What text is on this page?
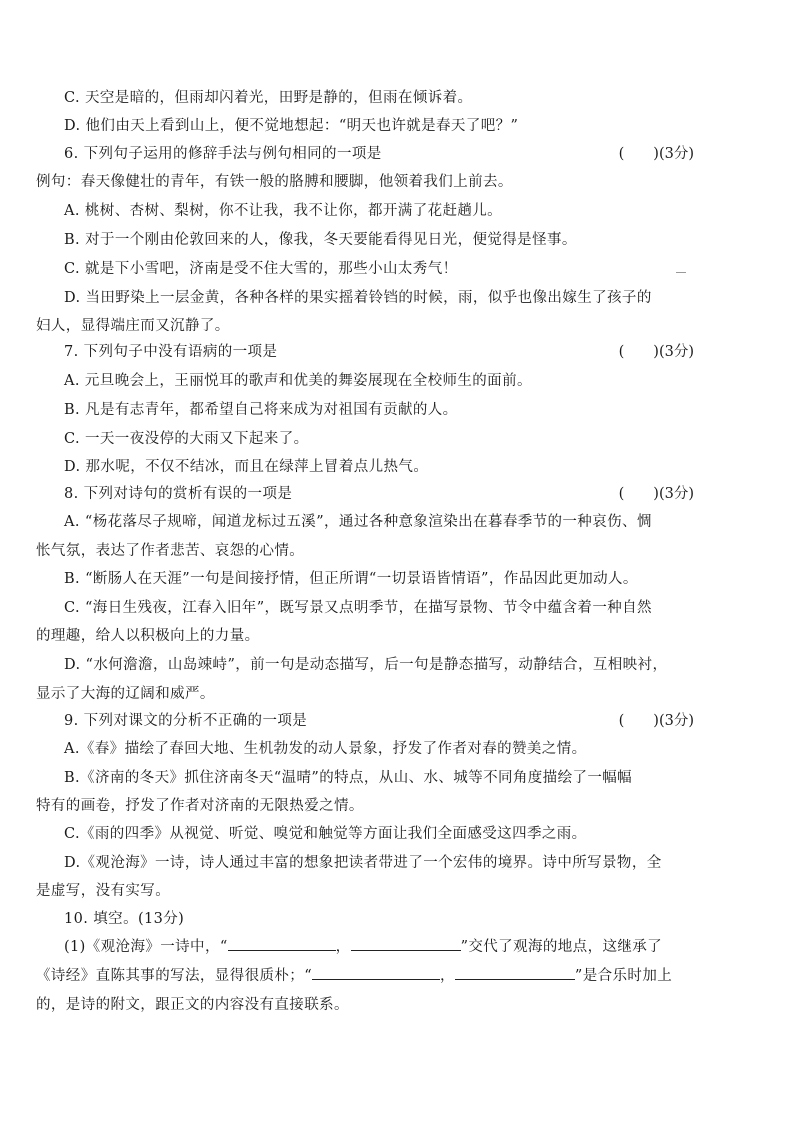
C. 天空是暗的，但雨却闪着光，田野是静的，但雨在倾诉着。
D. 他们由天上看到山上，便不觉地想起：“明天也许就是春天了吧？”
6. 下列句子运用的修辞手法与例句相同的一项是	(　　)(3分)
例句：春天像健壮的青年，有铁一般的胳膊和腰脚，他领着我们上前去。
A. 桃树、杏树、梨树，你不让我，我不让你，都开满了花赶趟儿。
B. 对于一个刚由伦敦回来的人，像我，冬天要能看得见日光，便觉得是怪事。
C. 就是下小雪吧，济南是受不住大雪的，那些小山太秀气！
D. 当田野染上一层金黄，各种各样的果实摇着铃铛的时候，雨，似乎也像出嫁生了孩子的
妇人，显得端庄而又沉静了。
7. 下列句子中没有语病的一项是	(　　)(3分)
A. 元旦晚会上，王丽悦耳的歌声和优美的舞姿展现在全校师生的面前。
B. 凡是有志青年，都希望自己将来成为对祖国有贡献的人。
C. 一天一夜没停的大雨又下起来了。
D. 那水呢，不仅不结冰，而且在绿萍上冒着点儿热气。
8. 下列对诗句的赏析有误的一项是	(　　)(3分)
A. “杨花落尽子规啼，闻道龙标过五溪”，通过各种意象渲染出在暮春季节的一种哀伤、惆
怅气氛，表达了作者悲苦、哀怨的心情。
B. “断肠人在天涯”一句是间接抒情，但正所谓“一切景语皆情语”，作品因此更加动人。
C. “海日生残夜，江春入旧年”，既写景又点明季节，在描写景物、节令中蕴含着一种自然
的理趣，给人以积极向上的力量。
D. “水何澹澹，山岛竦峙”，前一句是动态描写，后一句是静态描写，动静结合，互相映衬，
显示了大海的辽阔和威严。
9. 下列对课文的分析不正确的一项是	(　　)(3分)
A.《春》描绘了春回大地、生机勃发的动人景象，抒发了作者对春的赞美之情。
B.《济南的冬天》抓住济南冬天“温晴”的特点，从山、水、城等不同角度描绘了一幅幅
特有的画卷，抒发了作者对济南的无限热爱之情。
C.《雨的四季》从视觉、听觉、嗅觉和触觉等方面让我们全面感受这四季之雨。
D.《观沧海》一诗，诗人通过丰富的想象把读者带进了一个宏伟的境界。诗中所写景物，全
是虚写，没有实写。
10. 填空。(13分)
(1)《观沧海》一诗中，“	，	”交代了观海的地点，这继承了
《诗经》直陈其事的写法，显得很质朴；“	，	”是合乐时加上
的，是诗的附文，跟正文的内容没有直接联系。
